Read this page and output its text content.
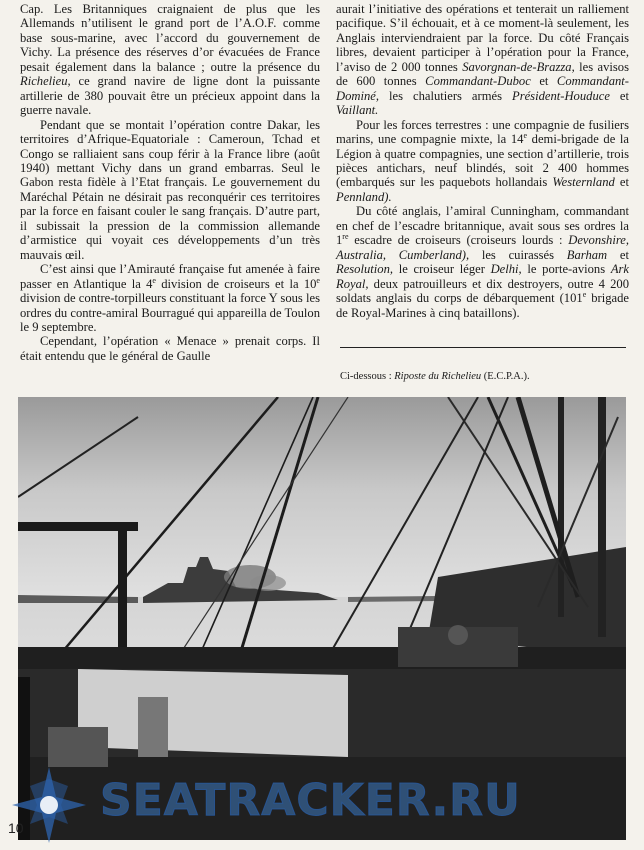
Cap. Les Britanniques craignaient de plus que les Allemands n’utilisent le grand port de l’A.O.F. comme base sous-marine, avec l’accord du gouvernement de Vichy. La présence des réserves d’or évacuées de France pesait également dans la balance ; outre la présence du Richelieu, ce grand navire de ligne dont la puissante artillerie de 380 pouvait être un précieux appoint dans la guerre navale.

Pendant que se montait l’opération contre Dakar, les territoires d’Afrique-Equatoriale : Cameroun, Tchad et Congo se ralliaient sans coup férir à la France libre (août 1940) mettant Vichy dans un grand embarras. Seul le Gabon resta fidèle à l’Etat français. Le gouvernement du Maréchal Pétain ne désirait pas reconquérir ces territoires par la force en faisant couler le sang français. D’autre part, il subissait la pression de la commission allemande d’armistice qui voyait ces développements d’un très mauvais œil.

C’est ainsi que l’Amirauté française fut amenée à faire passer en Atlantique la 4e division de croiseurs et la 10e division de contre-torpilleurs constituant la force Y sous les ordres du contre-amiral Bourragué qui appareilla de Toulon le 9 septembre.

Cependant, l’opération « Menace » prenait corps. Il était entendu que le général de Gaulle

aurait l’initiative des opérations et tenterait un ralliement pacifique. S’il échouait, et à ce moment-là seulement, les Anglais interviendraient par la force. Du côté Français libres, devaient participer à l’opération pour la France, l’aviso de 2 000 tonnes Savorgnan-de-Brazza, les avisos de 600 tonnes Commandant-Duboc et Commandant-Dominé, les chalutiers armés Président-Houduce et Vaillant.

Pour les forces terrestres : une compagnie de fusiliers marins, une compagnie mixte, la 14e demi-brigade de la Légion à quatre compagnies, une section d’artillerie, trois pièces antichars, neuf blindés, soit 2 400 hommes (embarqués sur les paquebots hollandais Westernland et Pennland).

Du côté anglais, l’amiral Cunningham, commandant en chef de l’escadre britannique, avait sous ses ordres la 1re escadre de croiseurs (croiseurs lourds : Devonshire, Australia, Cumberland), les cuirassés Barham et Resolution, le croiseur léger Delhi, le porte-avions Ark Royal, deux patrouilleurs et dix destroyers, outre 4 200 soldats anglais du corps de débarquement (101e brigade de Royal-Marines à cinq bataillons).

Ci-dessous : Riposte du Richelieu (E.C.P.A.).
SEATRACKER.RU
10
